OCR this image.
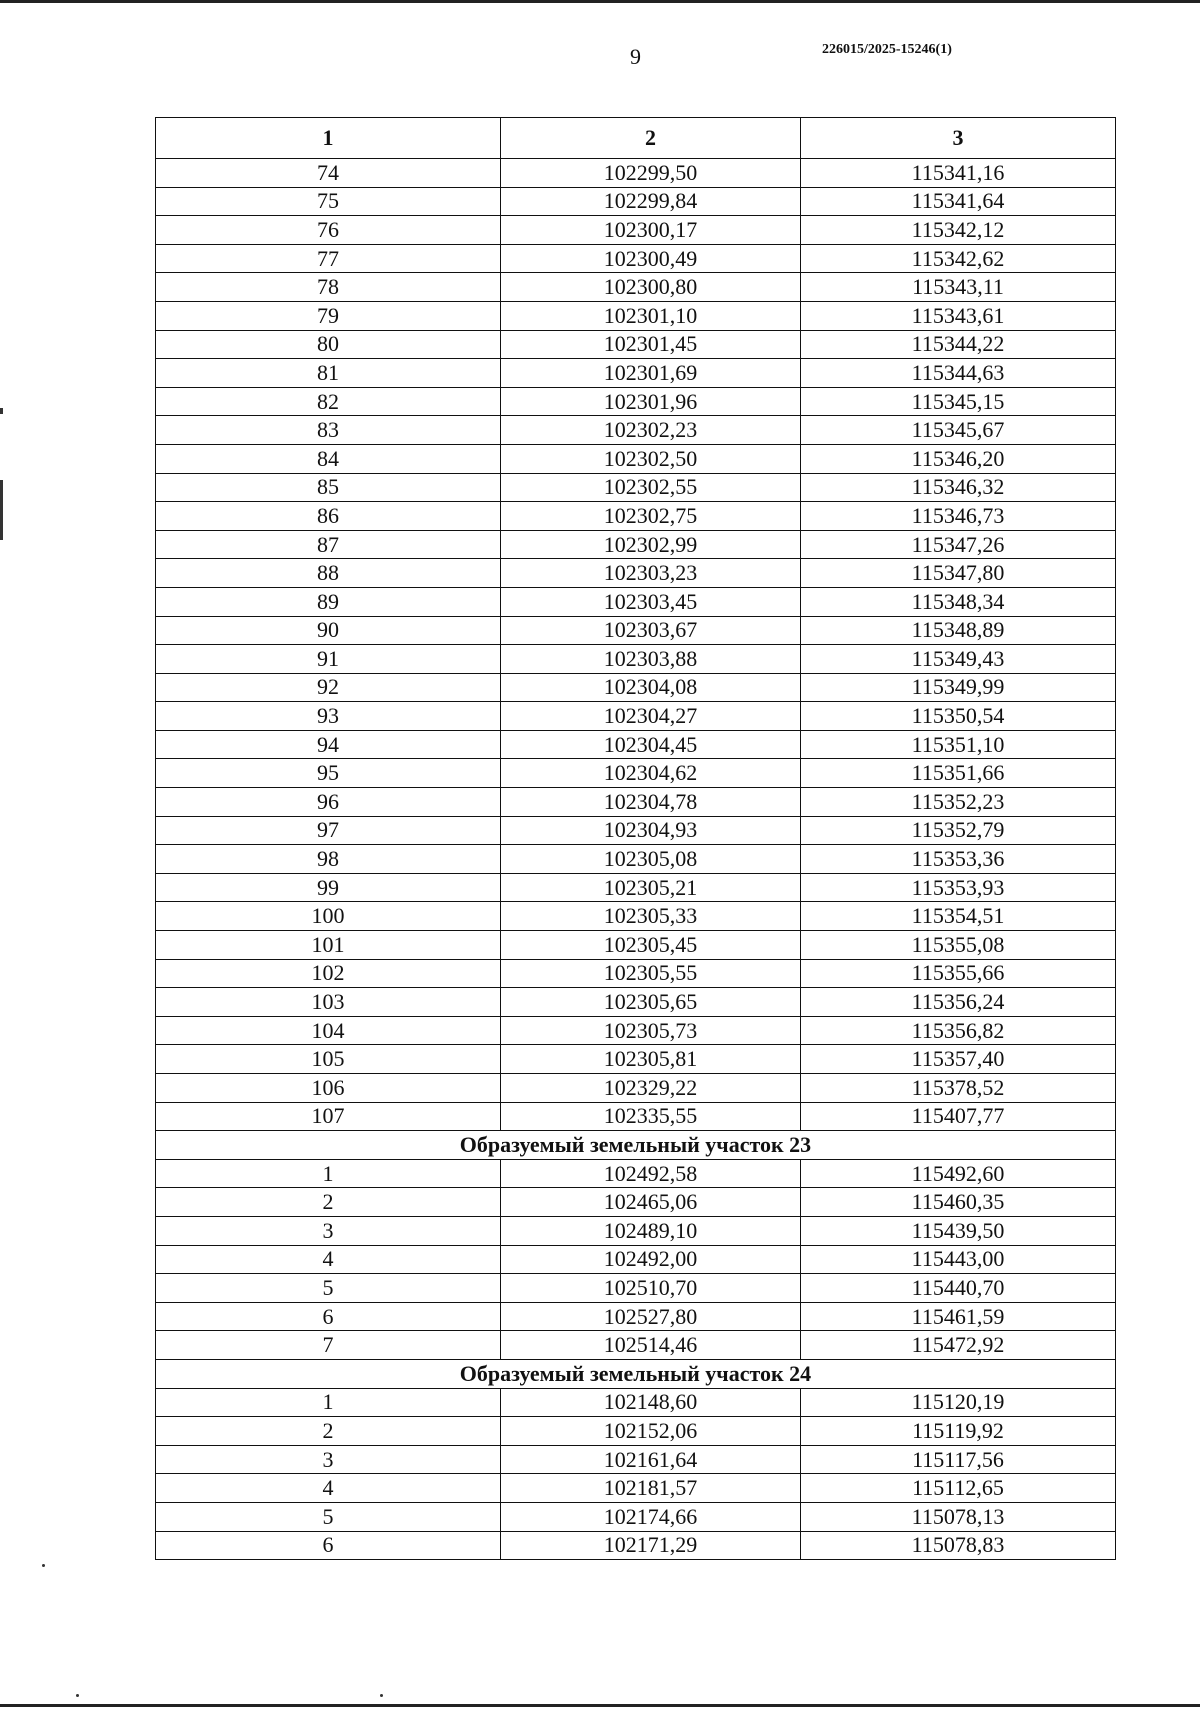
9	226015/2025-15246(1)
1	2	3
74	102299,50	115341,16
75	102299,84	115341,64
76	102300,17	115342,12
77	102300,49	115342,62
78	102300,80	115343,11
79	102301,10	115343,61
80	102301,45	115344,22
81	102301,69	115344,63
82	102301,96	115345,15
83	102302,23	115345,67
84	102302,50	115346,20
85	102302,55	115346,32
86	102302,75	115346,73
87	102302,99	115347,26
88	102303,23	115347,80
89	102303,45	115348,34
90	102303,67	115348,89
91	102303,88	115349,43
92	102304,08	115349,99
93	102304,27	115350,54
94	102304,45	115351,10
95	102304,62	115351,66
96	102304,78	115352,23
97	102304,93	115352,79
98	102305,08	115353,36
99	102305,21	115353,93
100	102305,33	115354,51
101	102305,45	115355,08
102	102305,55	115355,66
103	102305,65	115356,24
104	102305,73	115356,82
105	102305,81	115357,40
106	102329,22	115378,52
107	102335,55	115407,77
Образуемый земельный участок 23		
1	102492,58	115492,60
2	102465,06	115460,35
3	102489,10	115439,50
4	102492,00	115443,00
5	102510,70	115440,70
6	102527,80	115461,59
7	102514,46	115472,92
Образуемый земельный участок 24		
1	102148,60	115120,19
2	102152,06	115119,92
3	102161,64	115117,56
4	102181,57	115112,65
5	102174,66	115078,13
6	102171,29	115078,83
